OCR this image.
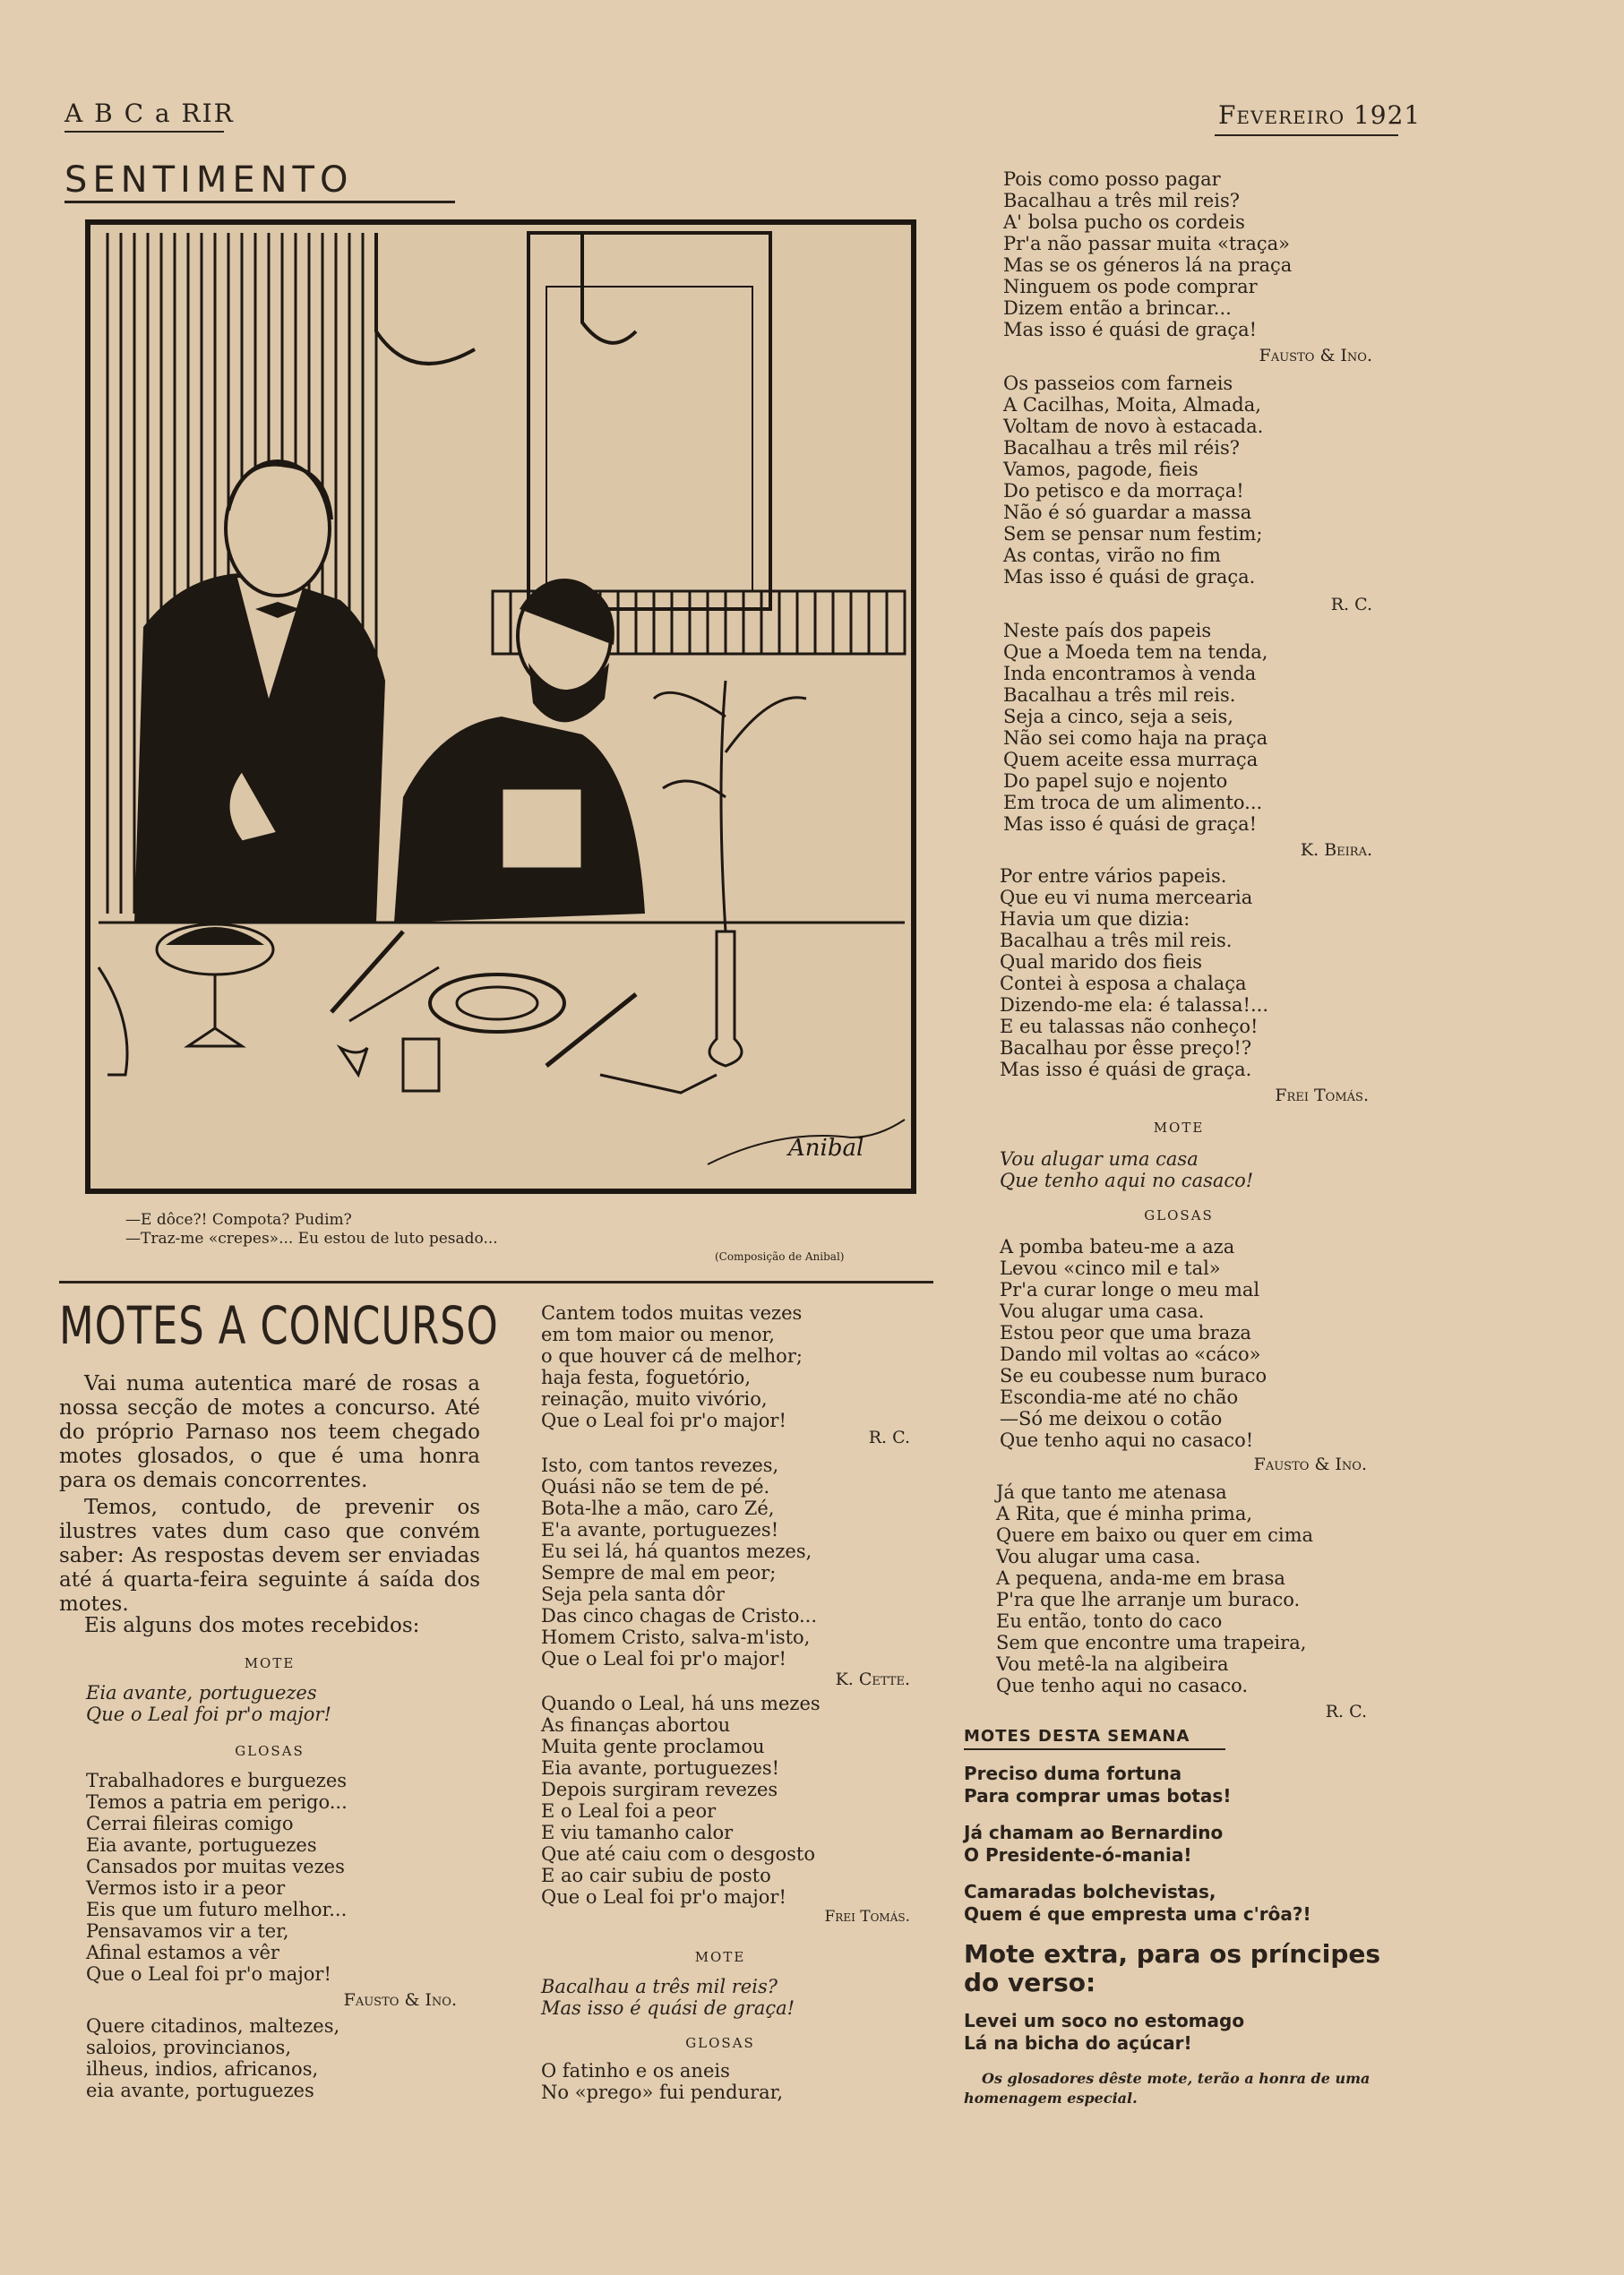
A B C a RIR	Fevereiro 1921
SENTIMENTO
Anibal
—E dôce?! Compota? Pudim?
—Traz-me «crepes»... Eu estou de luto pesado...
(Composição de Anibal)
MOTES A CONCURSO
Vai numa autentica maré de rosas a nossa secção de motes a concurso. Até do próprio Parnaso nos teem chegado motes glosados, o que é uma honra para os demais concorrentes.
Temos, contudo, de prevenir os ilustres vates dum caso que convém saber: As respostas devem ser enviadas até á quarta-feira seguinte á saída dos motes.
Eis alguns dos motes recebidos:
MOTE
Eia avante, portuguezes
Que o Leal foi pr'o major!
GLOSAS
Trabalhadores e burguezes
Temos a patria em perigo...
Cerrai fileiras comigo
Eia avante, portuguezes
Cansados por muitas vezes
Vermos isto ir a peor
Eis que um futuro melhor...
Pensavamos vir a ter,
Afinal estamos a vêr
Que o Leal foi pr'o major!
Fausto & Ino.
Quere citadinos, maltezes,
saloios, provincianos,
ilheus, indios, africanos,
eia avante, portuguezes
Cantem todos muitas vezes
em tom maior ou menor,
o que houver cá de melhor;
haja festa, foguetório,
reinação, muito vivório,
Que o Leal foi pr'o major!
R. C.
Isto, com tantos revezes,
Quási não se tem de pé.
Bota-lhe a mão, caro Zé,
E'a avante, portuguezes!
Eu sei lá, há quantos mezes,
Sempre de mal em peor;
Seja pela santa dôr
Das cinco chagas de Cristo...
Homem Cristo, salva-m'isto,
Que o Leal foi pr'o major!
K. Cette.
Quando o Leal, há uns mezes
As finanças abortou
Muita gente proclamou
Eia avante, portuguezes!
Depois surgiram revezes
E o Leal foi a peor
E viu tamanho calor
Que até caiu com o desgosto
E ao cair subiu de posto
Que o Leal foi pr'o major!
Frei Tomás.
MOTE
Bacalhau a três mil reis?
Mas isso é quási de graça!
GLOSAS
O fatinho e os aneis
No «prego» fui pendurar,
Pois como posso pagar
Bacalhau a três mil reis?
A' bolsa pucho os cordeis
Pr'a não passar muita «traça»
Mas se os géneros lá na praça
Ninguem os pode comprar
Dizem então a brincar...
Mas isso é quási de graça!
Fausto & Ino.
Os passeios com farneis
A Cacilhas, Moita, Almada,
Voltam de novo à estacada.
Bacalhau a três mil réis?
Vamos, pagode, fieis
Do petisco e da morraça!
Não é só guardar a massa
Sem se pensar num festim;
As contas, virão no fim
Mas isso é quási de graça.
R. C.
Neste país dos papeis
Que a Moeda tem na tenda,
Inda encontramos à venda
Bacalhau a três mil reis.
Seja a cinco, seja a seis,
Não sei como haja na praça
Quem aceite essa murraça
Do papel sujo e nojento
Em troca de um alimento...
Mas isso é quási de graça!
K. Beira.
Por entre vários papeis.
Que eu vi numa mercearia
Havia um que dizia:
Bacalhau a três mil reis.
Qual marido dos fieis
Contei à esposa a chalaça
Dizendo-me ela: é talassa!...
E eu talassas não conheço!
Bacalhau por êsse preço!?
Mas isso é quási de graça.
Frei Tomás.
MOTE
Vou alugar uma casa
Que tenho aqui no casaco!
GLOSAS
A pomba bateu-me a aza
Levou «cinco mil e tal»
Pr'a curar longe o meu mal
Vou alugar uma casa.
Estou peor que uma braza
Dando mil voltas ao «cáco»
Se eu coubesse num buraco
Escondia-me até no chão
—Só me deixou o cotão
Que tenho aqui no casaco!
Fausto & Ino.
Já que tanto me atenasa
A Rita, que é minha prima,
Quere em baixo ou quer em cima
Vou alugar uma casa.
A pequena, anda-me em brasa
P'ra que lhe arranje um buraco.
Eu então, tonto do caco
Sem que encontre uma trapeira,
Vou metê-la na algibeira
Que tenho aqui no casaco.
R. C.
MOTES DESTA SEMANA
Preciso duma fortuna
Para comprar umas botas!
Já chamam ao Bernardino
O Presidente-ó-mania!
Camaradas bolchevistas,
Quem é que empresta uma c'rôa?!
Mote extra, para os príncipes do verso:
Levei um soco no estomago
Lá na bicha do açúcar!
Os glosadores dêste mote, terão a honra de uma homenagem especial.
